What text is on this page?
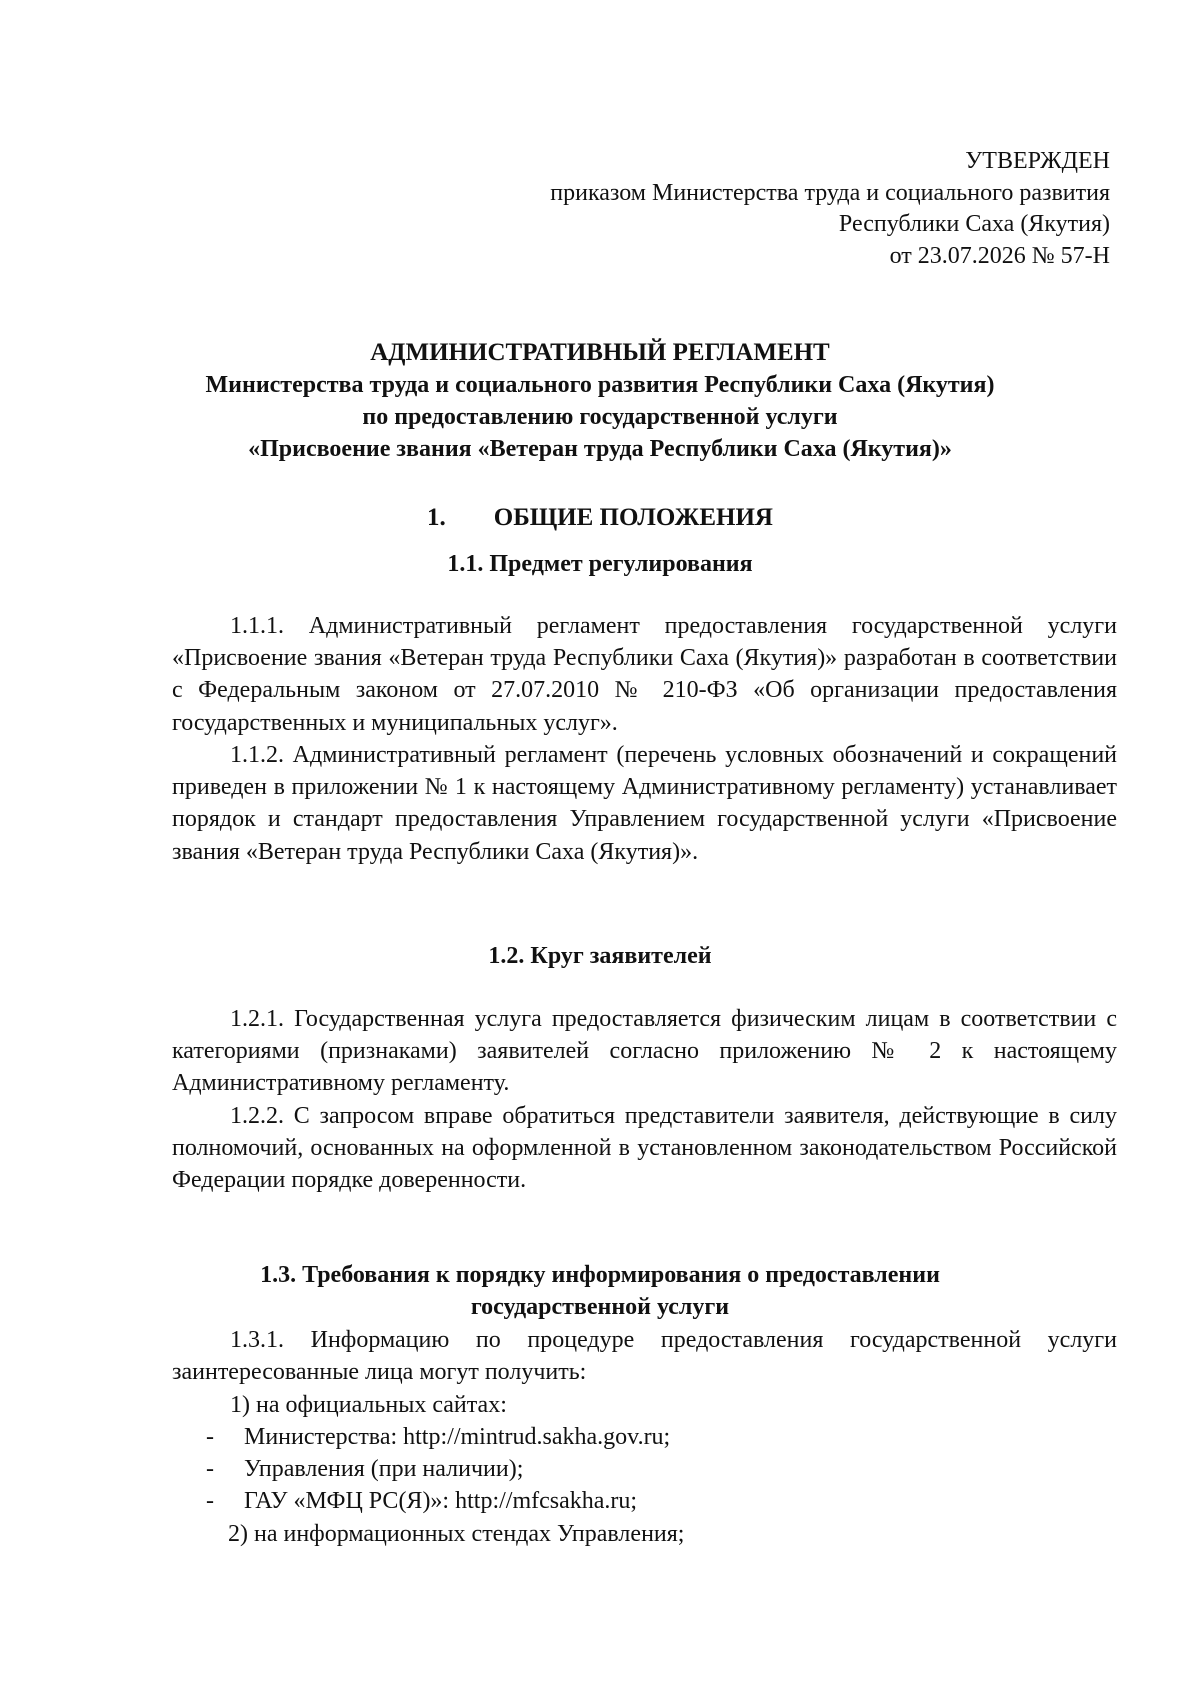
УТВЕРЖДЕН
приказом Министерства труда и социального развития
Республики Саха (Якутия)
от 23.07.2026 № 57-Н
АДМИНИСТРАТИВНЫЙ РЕГЛАМЕНТ
Министерства труда и социального развития Республики Саха (Якутия)
по предоставлению государственной услуги
«Присвоение звания «Ветеран труда Республики Саха (Якутия)»
1. ОБЩИЕ ПОЛОЖЕНИЯ
1.1. Предмет регулирования

1.1.1. Административный регламент предоставления государственной услуги «Присвоение звания «Ветеран труда Республики Саха (Якутия)» разработан в соответствии с Федеральным законом от 27.07.2010 № 210-ФЗ «Об организации предоставления государственных и муниципальных услуг».

1.1.2. Административный регламент (перечень условных обозначений и сокращений приведен в приложении № 1 к настоящему Административному регламенту) устанавливает порядок и стандарт предоставления Управлением государственной услуги «Присвоение звания «Ветеран труда Республики Саха (Якутия)».

1.2. Круг заявителей

1.2.1. Государственная услуга предоставляется физическим лицам в соответствии с категориями (признаками) заявителей согласно приложению № 2 к настоящему Административному регламенту.

1.2.2. С запросом вправе обратиться представители заявителя, действующие в силу полномочий, основанных на оформленной в установленном законодательством Российской Федерации порядке доверенности.

1.3. Требования к порядку информирования о предоставлении
государственной услуги

1.3.1. Информацию по процедуре предоставления государственной услуги заинтересованные лица могут получить:

1) на официальных сайтах:
- Министерства: http://mintrud.sakha.gov.ru;
- Управления (при наличии);
- ГАУ «МФЦ РС(Я)»: http://mfcsakha.ru;
2) на информационных стендах Управления;
